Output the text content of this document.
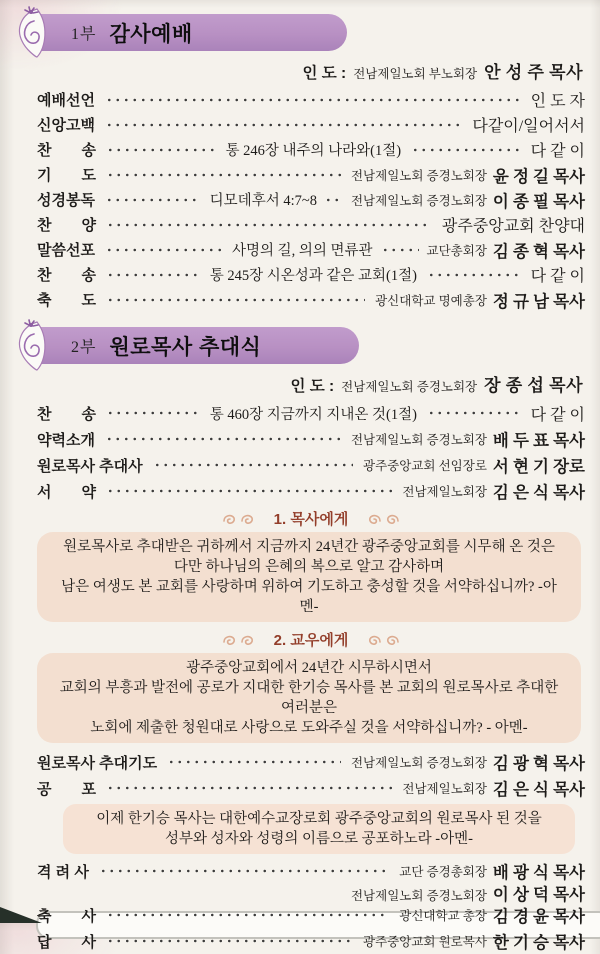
1부 감사예배
인 도 : 전남제일노회 부노회장 안 성 주 목사
예배선언	인 도 자
신앙고백	다같이/일어서서
찬　　송	통 246장 내주의 나라와(1절)	다 같 이
기　　도	전남제일노회 증경노회장 윤 정 길 목사
성경봉독	디모데후서 4:7~8	전남제일노회 증경노회장 이 종 필 목사
찬　　양	광주중앙교회 찬양대
말씀선포	사명의 길, 의의 면류관	교단총회장 김 종 혁 목사
찬　　송	통 245장 시온성과 같은 교회(1절)	다 같 이
축　　도	광신대학교 명예총장 정 규 남 목사
2부 원로목사 추대식
인 도 : 전남제일노회 증경노회장 장 종 섭 목사
찬　　송	통 460장 지금까지 지내온 것(1절)	다 같 이
약력소개	전남제일노회 증경노회장 배 두 표 목사
원로목사 추대사	광주중앙교회 선임장로 서 현 기 장로
서　　약	전남제일노회장 김 은 식 목사
1. 목사에게
원로목사로 추대받은 귀하께서 지금까지 24년간 광주중앙교회를 시무해 온 것은
다만 하나님의 은혜의 복으로 알고 감사하며
남은 여생도 본 교회를 사랑하며 위하여 기도하고 충성할 것을 서약하십니까? -아멘-
2. 교우에게
광주중앙교회에서 24년간 시무하시면서
교회의 부흥과 발전에 공로가 지대한 한기승 목사를 본 교회의 원로목사로 추대한 여러분은
노회에 제출한 청원대로 사랑으로 도와주실 것을 서약하십니까? - 아멘-
원로목사 추대기도	전남제일노회 증경노회장 김 광 혁 목사
공　　포	전남제일노회장 김 은 식 목사
이제 한기승 목사는 대한예수교장로회 광주중앙교회의 원로목사 된 것을
성부와 성자와 성령의 이름으로 공포하노라 -아멘-
격 려 사	교단 증경총회장 배 광 식 목사
전남제일노회 증경노회장 이 상 덕 목사
축　　사	광신대학교 총장 김 경 윤 목사
답　　사	광주중앙교회 원로목사 한 기 승 목사
